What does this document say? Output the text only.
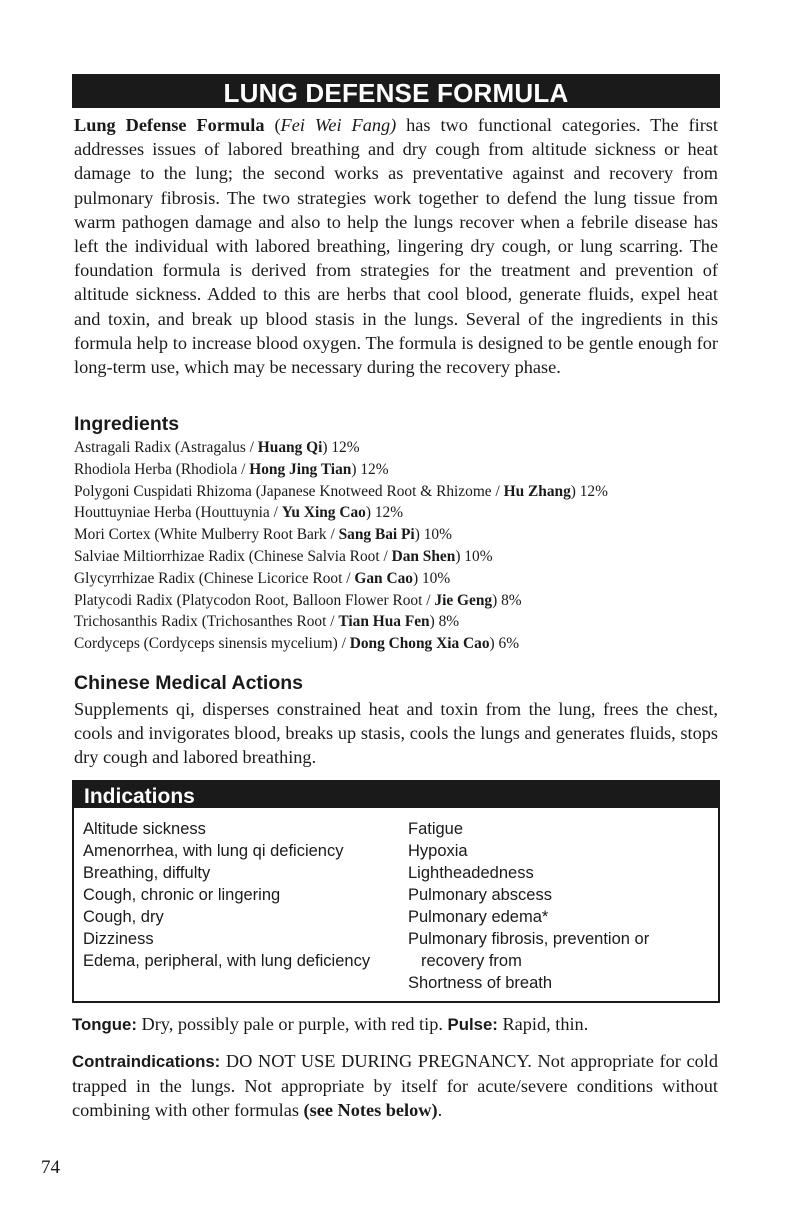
LUNG DEFENSE FORMULA

Lung Defense Formula (Fei Wei Fang) has two functional categories. The first addresses issues of labored breathing and dry cough from altitude sickness or heat damage to the lung; the second works as preventative against and recovery from pulmonary fibrosis. The two strategies work together to defend the lung tissue from warm pathogen damage and also to help the lungs recover when a febrile disease has left the individual with labored breathing, lingering dry cough, or lung scarring. The foundation formula is derived from strategies for the treatment and prevention of altitude sickness. Added to this are herbs that cool blood, generate fluids, expel heat and toxin, and break up blood stasis in the lungs. Several of the ingredients in this formula help to increase blood oxygen. The formula is designed to be gentle enough for long-term use, which may be necessary during the recovery phase.

Ingredients
Astragali Radix (Astragalus / Huang Qi) 12%
Rhodiola Herba (Rhodiola / Hong Jing Tian) 12%
Polygoni Cuspidati Rhizoma (Japanese Knotweed Root & Rhizome / Hu Zhang) 12%
Houttuyniae Herba (Houttuynia / Yu Xing Cao) 12%
Mori Cortex (White Mulberry Root Bark / Sang Bai Pi) 10%
Salviae Miltiorrhizae Radix (Chinese Salvia Root / Dan Shen) 10%
Glycyrrhizae Radix (Chinese Licorice Root / Gan Cao) 10%
Platycodi Radix (Platycodon Root, Balloon Flower Root / Jie Geng) 8%
Trichosanthis Radix (Trichosanthes Root / Tian Hua Fen) 8%
Cordyceps (Cordyceps sinensis mycelium) / Dong Chong Xia Cao) 6%
Chinese Medical Actions

Supplements qi, disperses constrained heat and toxin from the lung, frees the chest, cools and invigorates blood, breaks up stasis, cools the lungs and generates fluids, stops dry cough and labored breathing.

Indications
Altitude sickness
Amenorrhea, with lung qi deficiency
Breathing, diffulty
Cough, chronic or lingering
Cough, dry
Dizziness
Edema, peripheral, with lung deficiency
Fatigue
Hypoxia
Lightheadedness
Pulmonary abscess
Pulmonary edema*
Pulmonary fibrosis, prevention or recovery from
Shortness of breath

Tongue: Dry, possibly pale or purple, with red tip. Pulse: Rapid, thin.

Contraindications: DO NOT USE DURING PREGNANCY. Not appropriate for cold trapped in the lungs. Not appropriate by itself for acute/severe conditions without combining with other formulas (see Notes below).

74
